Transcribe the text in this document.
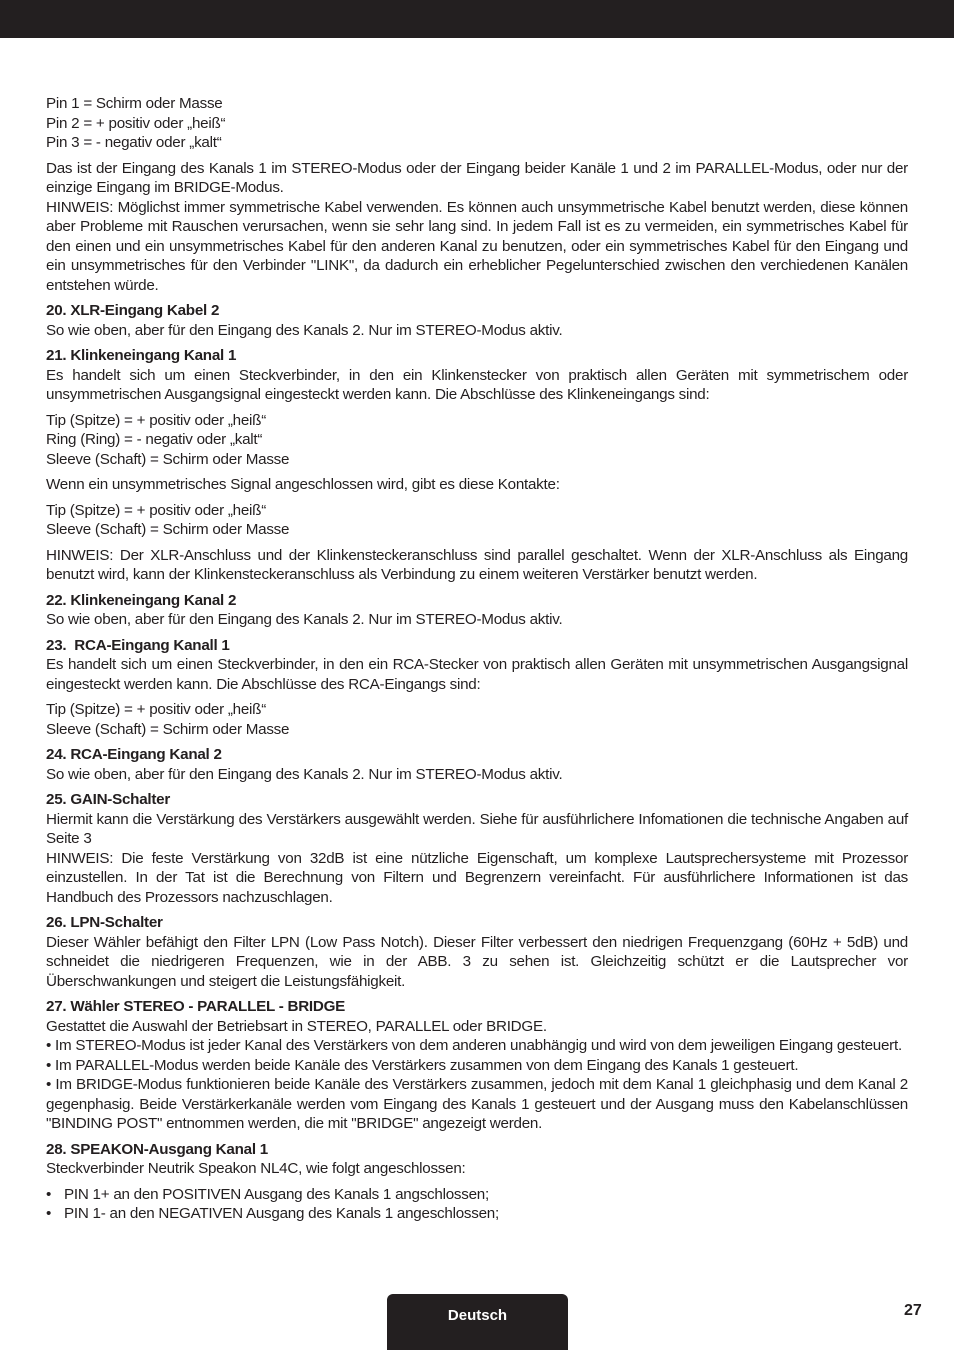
Pin 1 = Schirm oder Masse
Pin 2 = + positiv oder „heiß“
Pin 3 = - negativ oder „kalt“
Das ist der Eingang des Kanals 1 im STEREO-Modus oder der Eingang beider Kanäle 1 und 2 im PARALLEL-Modus, oder nur der einzige Eingang im BRIDGE-Modus.
HINWEIS: Möglichst immer symmetrische Kabel verwenden. Es können auch unsymmetrische Kabel benutzt werden, diese können aber Probleme mit Rauschen verursachen, wenn sie sehr lang sind. In jedem Fall ist es zu vermeiden, ein symmetrisches Kabel für den einen und ein unsymmetrisches Kabel für den anderen Kanal zu benutzen, oder ein symmetrisches Kabel für den Eingang und ein unsymmetrisches für den Verbinder "LINK", da dadurch ein erheblicher Pegelunterschied zwischen den verchiedenen Kanälen entstehen würde.
20. XLR-Eingang Kabel 2
So wie oben, aber für den Eingang des Kanals 2. Nur im STEREO-Modus aktiv.
21. Klinkeneingang Kanal 1
Es handelt sich um einen Steckverbinder, in den ein Klinkenstecker von praktisch allen Geräten mit symmetrischem oder unsymmetrischen Ausgangsignal eingesteckt werden kann. Die Abschlüsse des Klinkeneingangs sind:
Tip (Spitze) = + positiv oder „heiß“
Ring (Ring) = - negativ oder „kalt“
Sleeve (Schaft) = Schirm oder Masse
Wenn ein unsymmetrisches Signal angeschlossen wird, gibt es diese Kontakte:
Tip (Spitze) = + positiv oder „heiß“
Sleeve (Schaft) = Schirm oder Masse
HINWEIS: Der XLR-Anschluss und der Klinkensteckeranschluss sind parallel geschaltet. Wenn der XLR-Anschluss als Eingang benutzt wird, kann der Klinkensteckeranschluss als Verbindung zu einem weiteren Verstärker benutzt werden.
22. Klinkeneingang Kanal 2
So wie oben, aber für den Eingang des Kanals 2. Nur im STEREO-Modus aktiv.
23.  RCA-Eingang Kanall 1
Es handelt sich um einen Steckverbinder, in den ein RCA-Stecker von praktisch allen Geräten mit unsymmetrischen Ausgangsignal eingesteckt werden kann. Die Abschlüsse des RCA-Eingangs sind:
Tip (Spitze) = + positiv oder „heiß“
Sleeve (Schaft) = Schirm oder Masse
24. RCA-Eingang Kanal 2
So wie oben, aber für den Eingang des Kanals 2. Nur im STEREO-Modus aktiv.
25. GAIN-Schalter
Hiermit kann die Verstärkung des Verstärkers ausgewählt werden. Siehe für ausführlichere Infomationen die technische Angaben auf Seite 3
HINWEIS: Die feste Verstärkung von 32dB ist eine nützliche Eigenschaft, um komplexe Lautsprechersysteme mit Prozessor einzustellen. In der Tat ist die Berechnung von Filtern und Begrenzern vereinfacht. Für ausführlichere Informationen ist das Handbuch des Prozessors nachzuschlagen.
26. LPN-Schalter
Dieser Wähler befähigt den Filter LPN (Low Pass Notch). Dieser Filter verbessert den niedrigen Frequenzgang (60Hz + 5dB) und schneidet die niedrigeren Frequenzen, wie in der ABB. 3 zu sehen ist. Gleichzeitig schützt er die Lautsprecher vor Überschwankungen und steigert die Leistungsfähigkeit.
27. Wähler STEREO - PARALLEL - BRIDGE
Gestattet die Auswahl der Betriebsart in STEREO, PARALLEL oder BRIDGE.
• Im STEREO-Modus ist jeder Kanal des Verstärkers von dem anderen unabhängig und wird von dem jeweiligen Eingang gesteuert.
• Im PARALLEL-Modus werden beide Kanäle des Verstärkers zusammen von dem Eingang des Kanals 1 gesteuert.
• Im BRIDGE-Modus funktionieren beide Kanäle des Verstärkers zusammen, jedoch mit dem Kanal 1 gleichphasig und dem Kanal 2 gegenphasig. Beide Verstärkerkanäle werden vom Eingang des Kanals 1 gesteuert und der Ausgang muss den Kabelanschlüssen "BINDING POST" entnommen werden, die mit "BRIDGE" angezeigt werden.
28. SPEAKON-Ausgang Kanal 1
Steckverbinder Neutrik Speakon NL4C, wie folgt angeschlossen:
• PIN 1+ an den POSITIVEN Ausgang des Kanals 1 angschlossen;
• PIN 1- an den NEGATIVEN Ausgang des Kanals 1 angeschlossen;
Deutsch	27
